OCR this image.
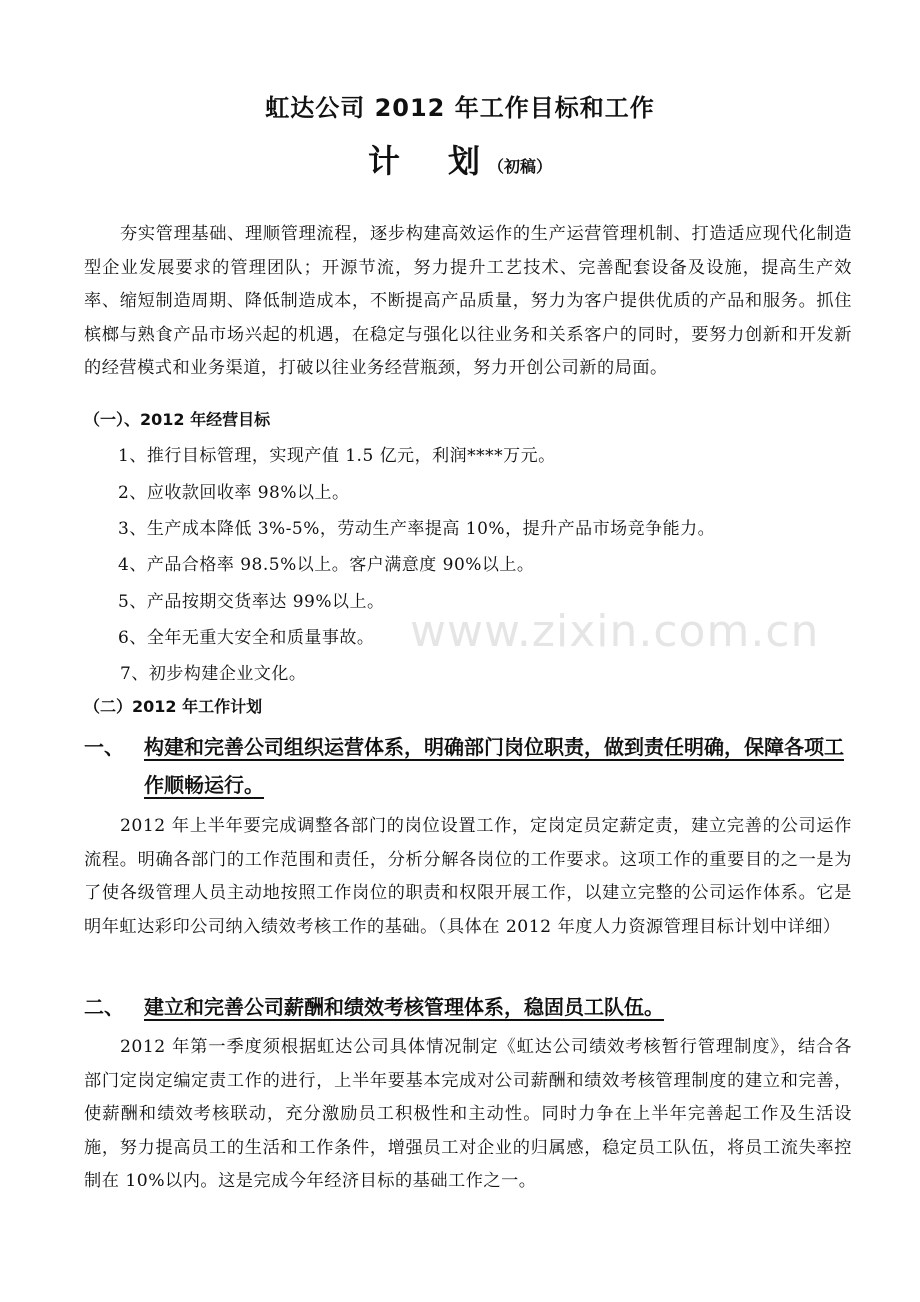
虹达公司 2012 年工作目标和工作
计　划（初稿）
夯实管理基础、理顺管理流程，逐步构建高效运作的生产运营管理机制、打造适应现代化制造型企业发展要求的管理团队；开源节流，努力提升工艺技术、完善配套设备及设施，提高生产效率、缩短制造周期、降低制造成本，不断提高产品质量，努力为客户提供优质的产品和服务。抓住槟榔与熟食产品市场兴起的机遇，在稳定与强化以往业务和关系客户的同时，要努力创新和开发新的经营模式和业务渠道，打破以往业务经营瓶颈，努力开创公司新的局面。
（一）、2012 年经营目标
1、推行目标管理，实现产值 1.5 亿元，利润****万元。
2、应收款回收率 98%以上。
3、生产成本降低 3%-5%，劳动生产率提高 10%，提升产品市场竞争能力。
4、产品合格率 98.5%以上。客户满意度 90%以上。
5、产品按期交货率达 99%以上。
6、全年无重大安全和质量事故。
7、初步构建企业文化。
（二）2012 年工作计划
一、 构建和完善公司组织运营体系，明确部门岗位职责，做到责任明确，保障各项工作顺畅运行。
2012 年上半年要完成调整各部门的岗位设置工作，定岗定员定薪定责，建立完善的公司运作流程。明确各部门的工作范围和责任，分析分解各岗位的工作要求。这项工作的重要目的之一是为了使各级管理人员主动地按照工作岗位的职责和权限开展工作，以建立完整的公司运作体系。它是明年虹达彩印公司纳入绩效考核工作的基础。（具体在 2012 年度人力资源管理目标计划中详细）
二、 建立和完善公司薪酬和绩效考核管理体系，稳固员工队伍。
2012 年第一季度须根据虹达公司具体情况制定《虹达公司绩效考核暂行管理制度》，结合各部门定岗定编定责工作的进行，上半年要基本完成对公司薪酬和绩效考核管理制度的建立和完善，使薪酬和绩效考核联动，充分激励员工积极性和主动性。同时力争在上半年完善起工作及生活设施，努力提高员工的生活和工作条件，增强员工对企业的归属感，稳定员工队伍，将员工流失率控制在 10%以内。这是完成今年经济目标的基础工作之一。
www.zixin.com.cn
